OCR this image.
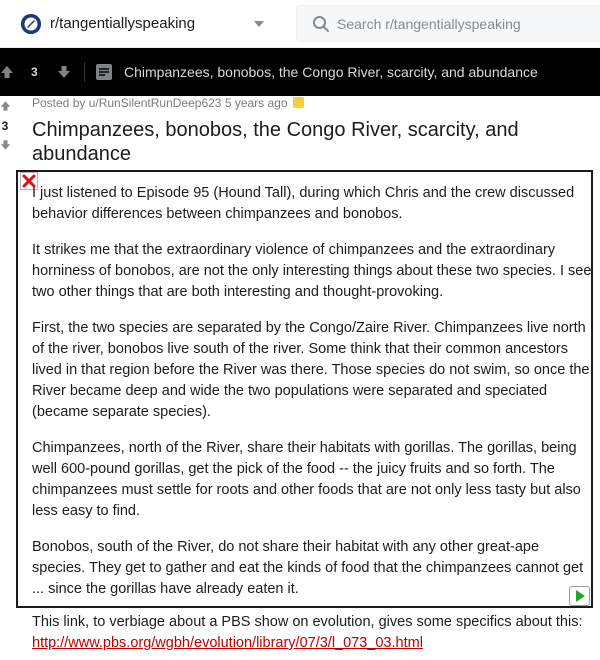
r/tangentiallyspeaking
Search r/tangentiallyspeaking
3	Chimpanzees, bonobos, the Congo River, scarcity, and abundance
3
Posted by u/RunSilentRunDeep623 5 years ago
Chimpanzees, bonobos, the Congo River, scarcity, and abundance

I just listened to Episode 95 (Hound Tall), during which Chris and the crew discussed behavior differences between chimpanzees and bonobos.

It strikes me that the extraordinary violence of chimpanzees and the extraordinary horniness of bonobos, are not the only interesting things about these two species. I see two other things that are both interesting and thought-provoking.

First, the two species are separated by the Congo/Zaire River. Chimpanzees live north of the river, bonobos live south of the river. Some think that their common ancestors lived in that region before the River was there. Those species do not swim, so once the River became deep and wide the two populations were separated and speciated (became separate species).

Chimpanzees, north of the River, share their habitats with gorillas. The gorillas, being well 600-pound gorillas, get the pick of the food -- the juicy fruits and so forth. The chimpanzees must settle for roots and other foods that are not only less tasty but also less easy to find.

Bonobos, south of the River, do not share their habitat with any other great-ape species. They get to gather and eat the kinds of food that the chimpanzees cannot get ... since the gorillas have already eaten it.

This link, to verbiage about a PBS show on evolution, gives some specifics about this:
http://www.pbs.org/wgbh/evolution/library/07/3/l_073_03.html
